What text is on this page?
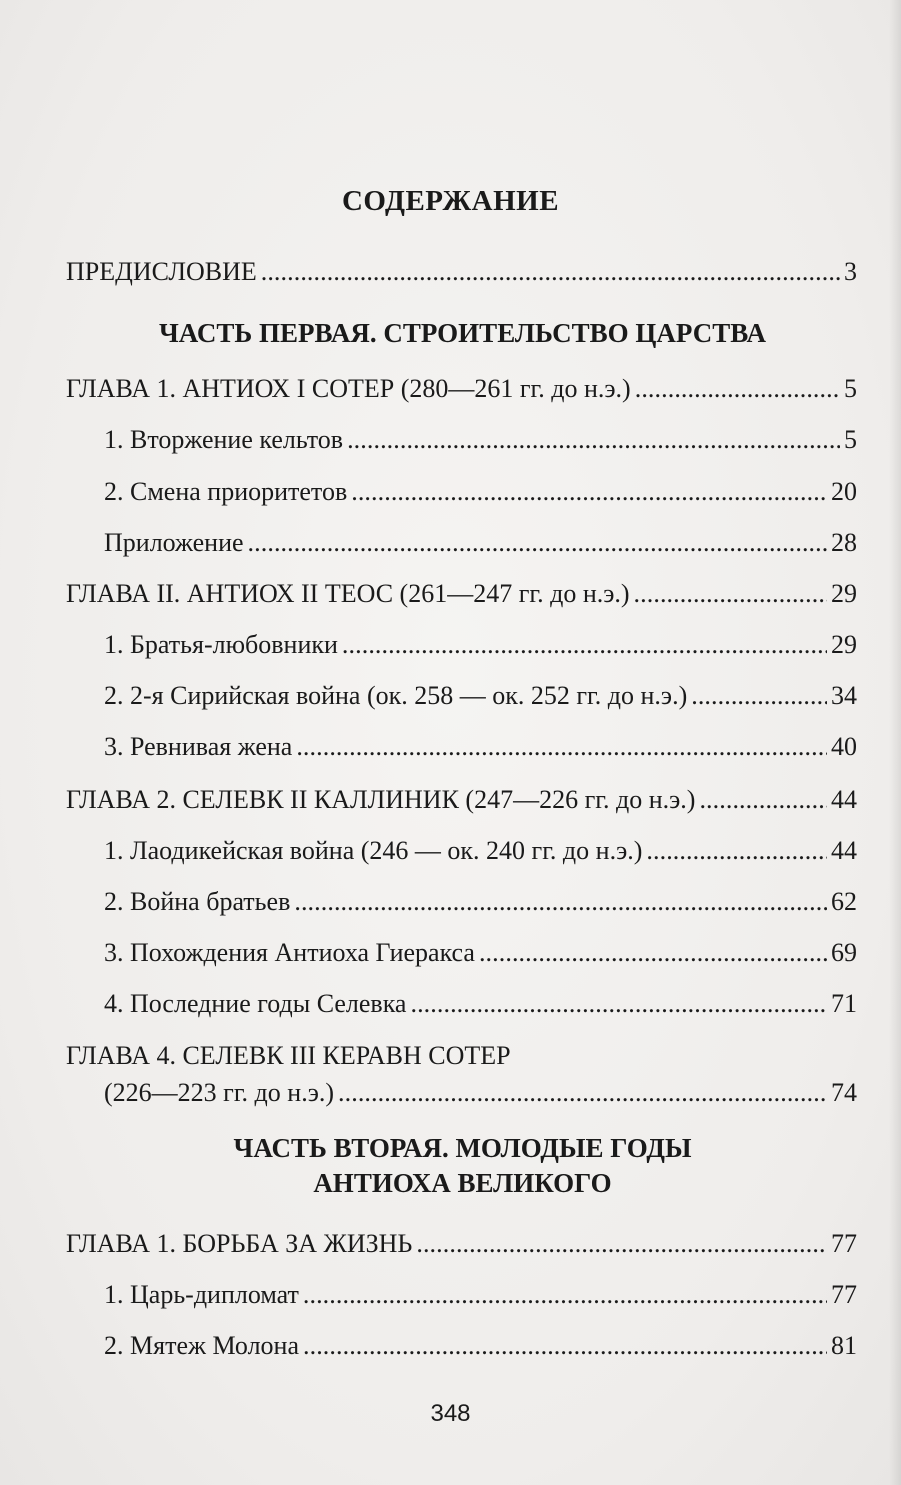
СОДЕРЖАНИЕ
ПРЕДИСЛОВИЕ . . .	3
ЧАСТЬ ПЕРВАЯ. СТРОИТЕЛЬСТВО ЦАРСТВА
ГЛАВА 1. АНТИОХ I СОТЕР (280—261 гг. до н.э.) . . .	5
1. Вторжение кельтов . . .	5
2. Смена приоритетов . . .	20
Приложение . . .	28
ГЛАВА II. АНТИОХ II ТЕОС (261—247 гг. до н.э.) . . .	29
1. Братья-любовники . . .	29
2. 2-я Сирийская война (ок. 258 — ок. 252 гг. до н.э.) . . .	34
3. Ревнивая жена . . .	40
ГЛАВА 2. СЕЛЕВК II КАЛЛИНИК (247—226 гг. до н.э.) . . .	44
1. Лаодикейская война (246 — ок. 240 гг. до н.э.) . . .	44
2. Война братьев . . .	62
3. Похождения Антиоха Гиеракса . . .	69
4. Последние годы Селевка . . .	71
ГЛАВА 4. СЕЛЕВК III КЕРАВН СОТЕР
(226—223 гг. до н.э.) . . .	74
ЧАСТЬ ВТОРАЯ. МОЛОДЫЕ ГОДЫ
АНТИОХА ВЕЛИКОГО
ГЛАВА 1. БОРЬБА ЗА ЖИЗНЬ . . .	77
1. Царь-дипломат . . .	77
2. Мятеж Молона . . .	81
348
